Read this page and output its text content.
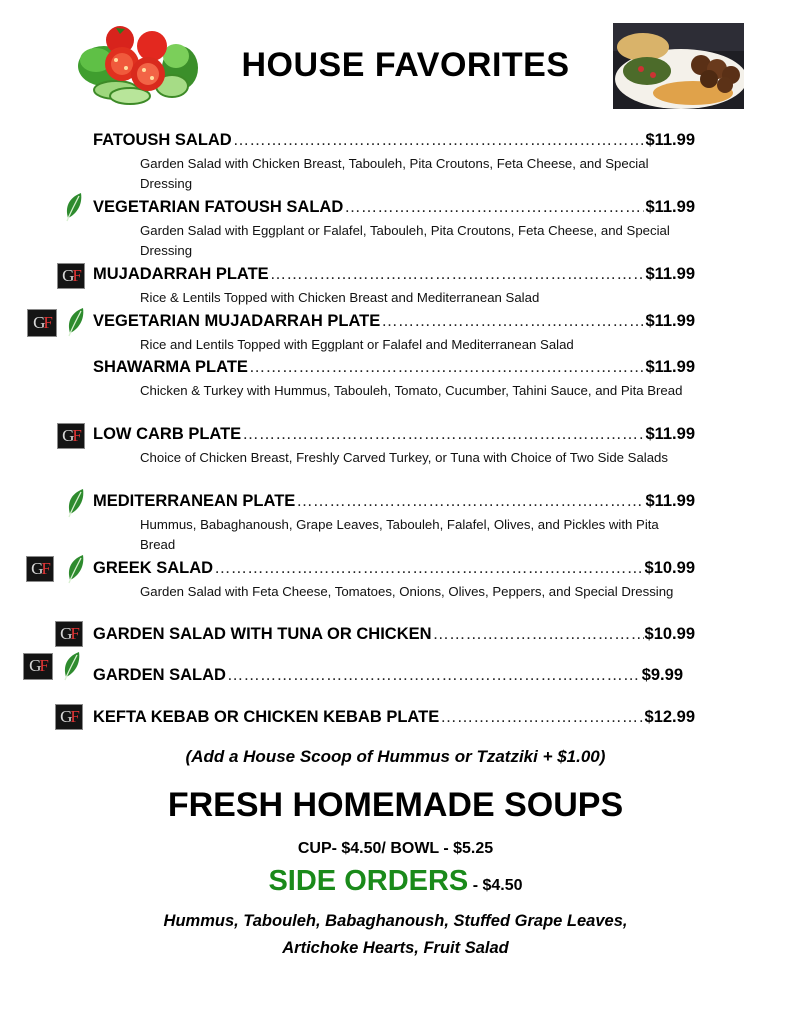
HOUSE FAVORITES
FATOUSH SALAD ……………………………………………………………………………………………………………………………………………	$11.99
Garden Salad with Chicken Breast, Tabouleh, Pita Croutons, Feta Cheese, and Special Dressing
VEGETARIAN FATOUSH SALAD ……………………………………………………………………………………………………………………………………………	$11.99
Garden Salad with Eggplant or Falafel, Tabouleh, Pita Croutons, Feta Cheese, and Special Dressing
GF MUJADARRAH PLATE ……………………………………………………………………………………………………………………………………………	$11.99
Rice & Lentils Topped with Chicken Breast and Mediterranean Salad
GF	VEGETARIAN MUJADARRAH PLATE ……………………………………………………………………………………………………………………………………………	$11.99
Rice and Lentils Topped with Eggplant or Falafel and Mediterranean Salad
SHAWARMA PLATE ……………………………………………………………………………………………………………………………………………	$11.99
Chicken & Turkey with Hummus, Tabouleh, Tomato, Cucumber, Tahini Sauce, and Pita Bread
GF LOW CARB PLATE ……………………………………………………………………………………………………………………………………………	$11.99
Choice of Chicken Breast, Freshly Carved Turkey, or Tuna with Choice of Two Side Salads
MEDITERRANEAN PLATE ……………………………………………………………………………………………………………………………………………	$11.99
Hummus, Babaghanoush, Grape Leaves, Tabouleh, Falafel, Olives, and Pickles with Pita Bread
GF	GREEK SALAD ……………………………………………………………………………………………………………………………………………	$10.99
Garden Salad with Feta Cheese, Tomatoes, Onions, Olives, Peppers, and Special Dressing
GF GARDEN SALAD WITH TUNA OR CHICKEN ……………………………………………………………………………………………………………………………………………	$10.99
GF	GARDEN SALAD ……………………………………………………………………………………………………………………………………………	$9.99
GF KEFTA KEBAB OR CHICKEN KEBAB PLATE ……………………………………………………………………………………………………………………………………………	$12.99
(Add a House Scoop of Hummus or Tzatziki + $1.00)
FRESH HOMEMADE SOUPS
CUP- $4.50/ BOWL - $5.25
SIDE ORDERS - $4.50
Hummus, Tabouleh, Babaghanoush, Stuffed Grape Leaves,
Artichoke Hearts, Fruit Salad
